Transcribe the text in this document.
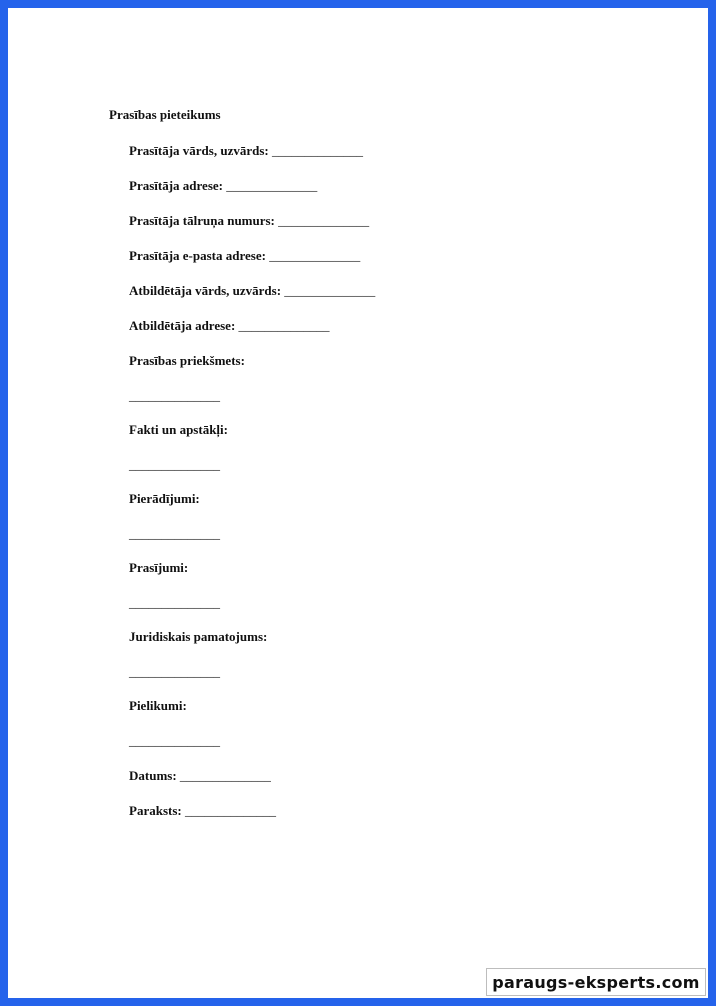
Prasības pieteikums
Prasītāja vārds, uzvārds: ______________
Prasītāja adrese: ______________
Prasītāja tālruņa numurs: ______________
Prasītāja e-pasta adrese: ______________
Atbildētāja vārds, uzvārds: ______________
Atbildētāja adrese: ______________
Prasības priekšmets:
______________
Fakti un apstākļi:
______________
Pierādījumi:
______________
Prasījumi:
______________
Juridiskais pamatojums:
______________
Pielikumi:
______________
Datums: ______________
Paraksts: ______________
paraugs-eksperts.com
